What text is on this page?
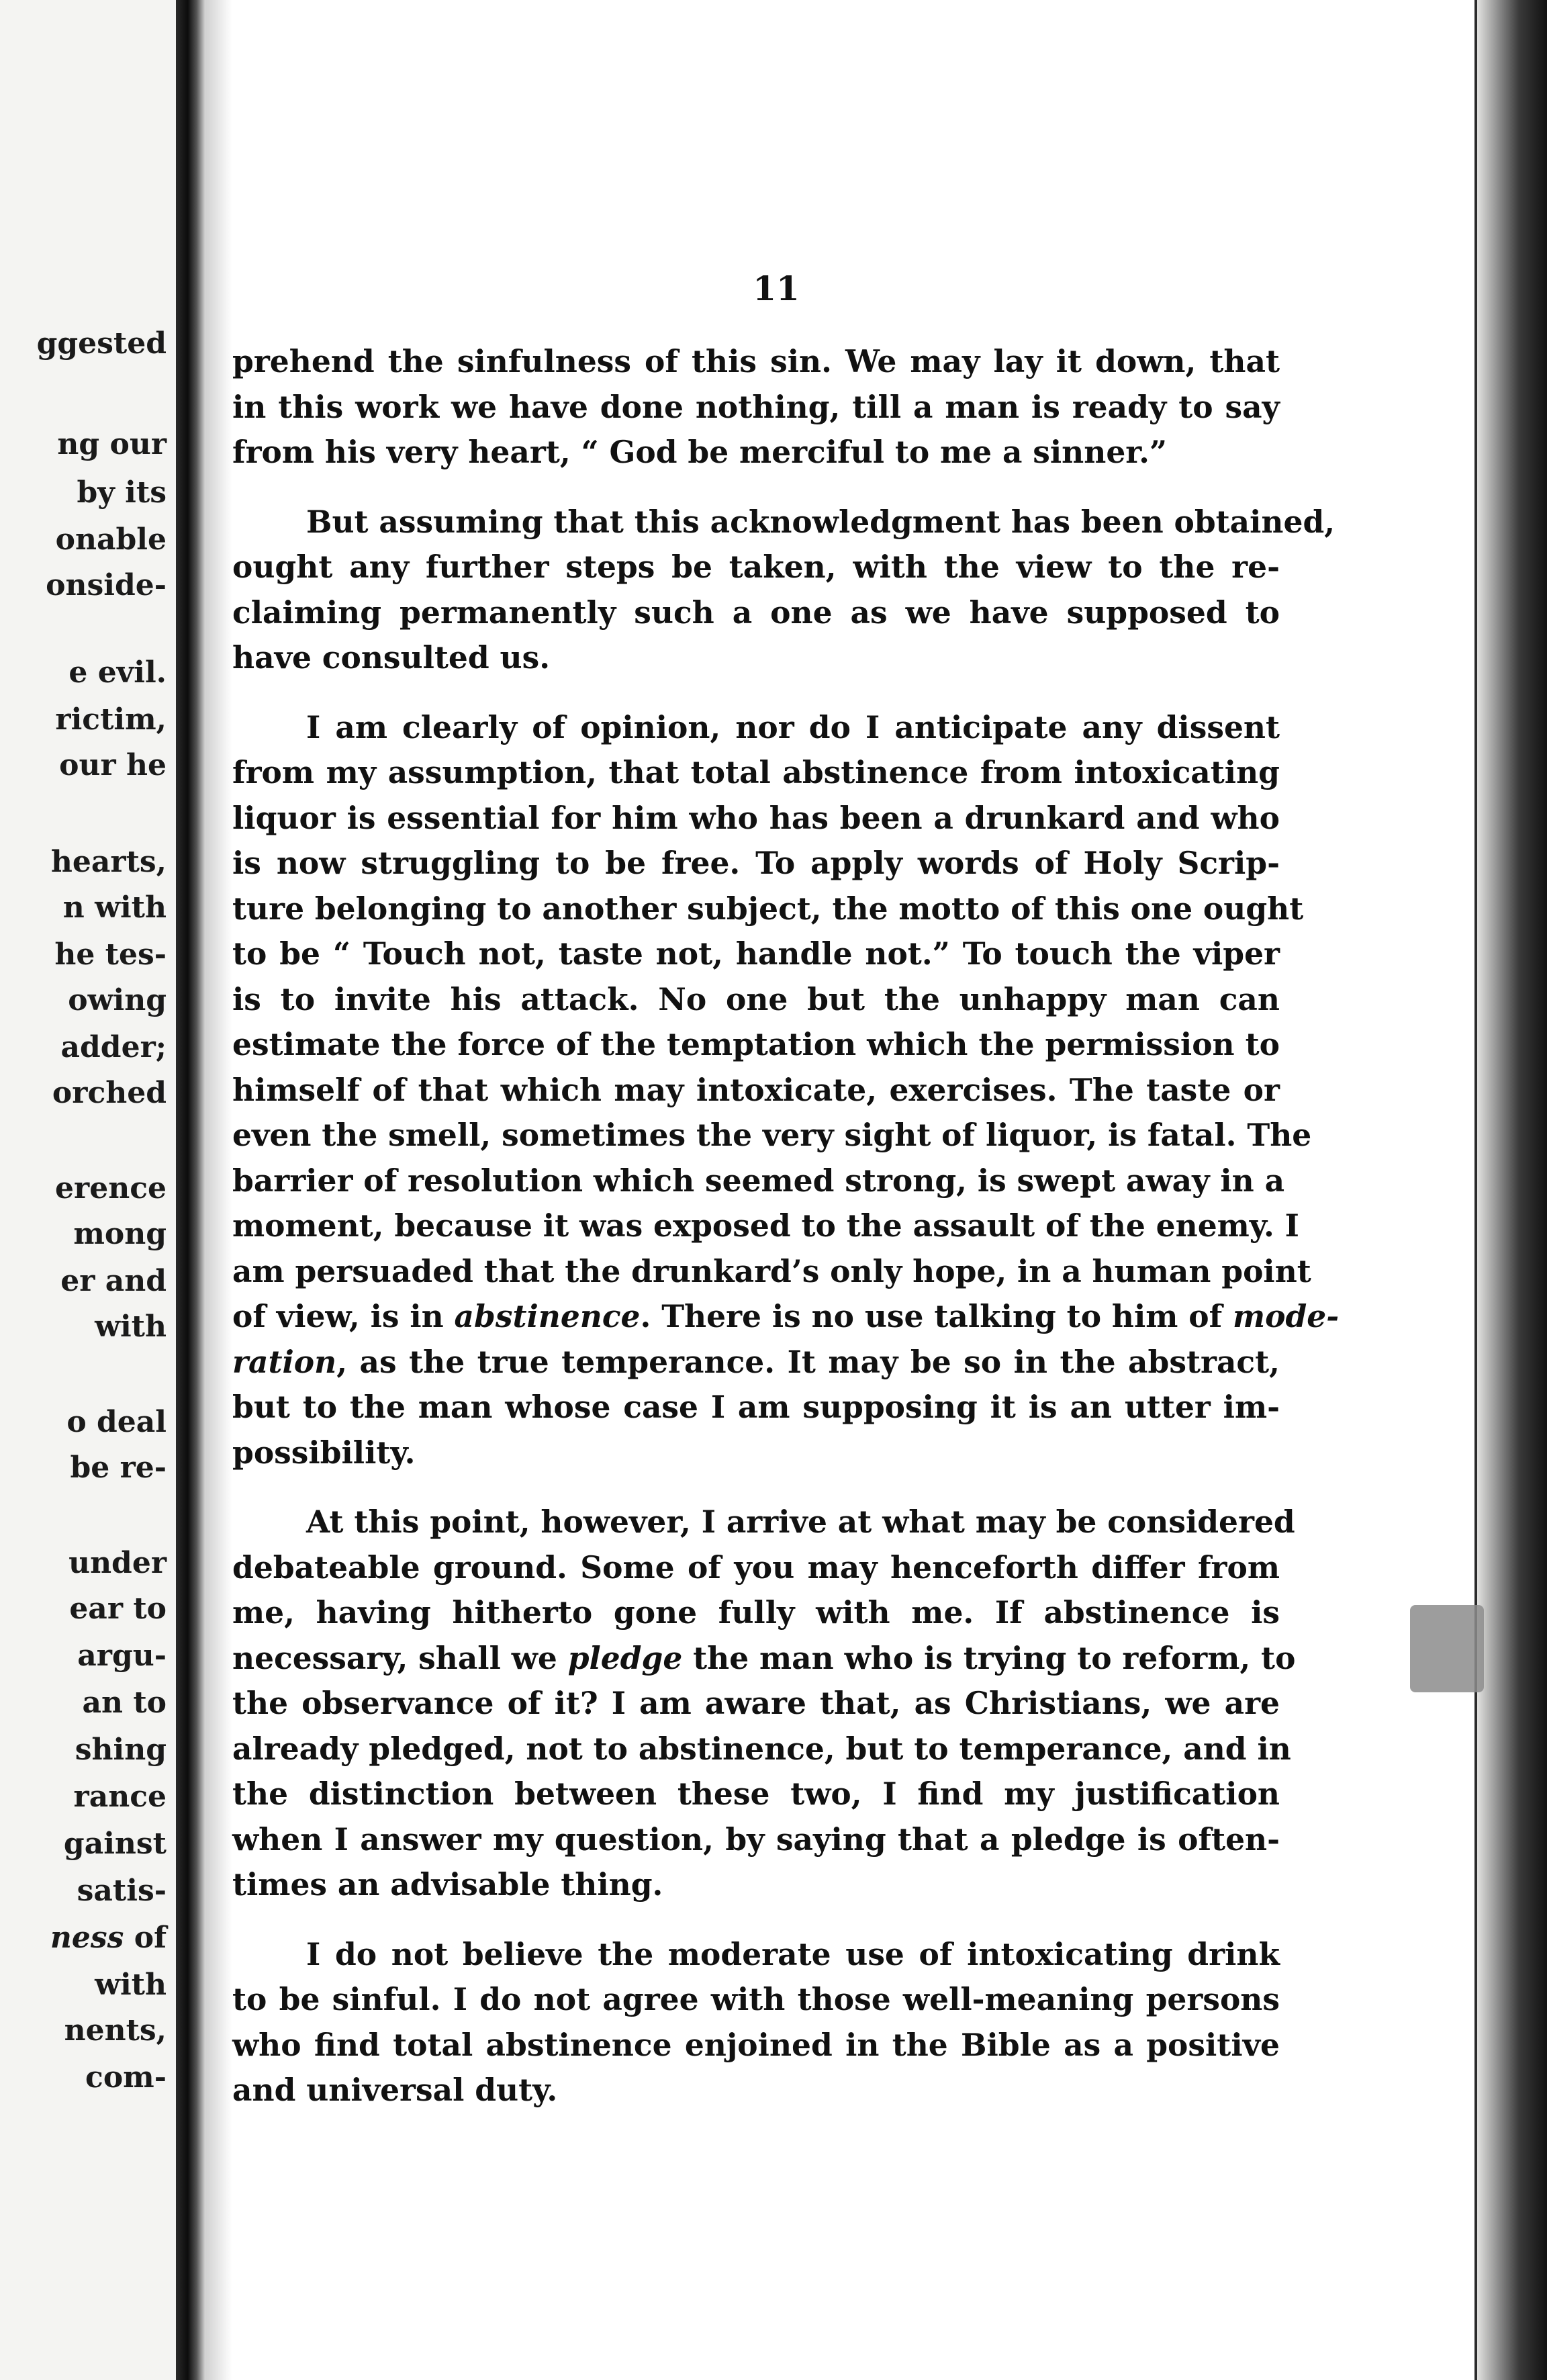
ggested
ng our
by its
onable
onside-
e evil.
rictim,
our he
hearts,
n with
he tes-
owing
adder;
orched
erence
mong
er and
with
o deal
be re-
under
ear to
argu-
an to
shing
rance
gainst
satis-
ness of
with
nents,
com-
11

prehend the sinfulness of this sin. We may lay it down, that
in this work we have done nothing, till a man is ready to say
from his very heart, “ God be merciful to me a sinner.”

But assuming that this acknowledgment has been obtained,
ought any further steps be taken, with the view to the re-
claiming permanently such a one as we have supposed to
have consulted us.

I am clearly of opinion, nor do I anticipate any dissent
from my assumption, that total abstinence from intoxicating
liquor is essential for him who has been a drunkard and who
is now struggling to be free. To apply words of Holy Scrip-
ture belonging to another subject, the motto of this one ought
to be “ Touch not, taste not, handle not.” To touch the viper
is to invite his attack. No one but the unhappy man can
estimate the force of the temptation which the permission to
himself of that which may intoxicate, exercises. The taste or
even the smell, sometimes the very sight of liquor, is fatal. The
barrier of resolution which seemed strong, is swept away in a
moment, because it was exposed to the assault of the enemy. I
am persuaded that the drunkard’s only hope, in a human point
of view, is in abstinence. There is no use talking to him of mode-
ration, as the true temperance. It may be so in the abstract,
but to the man whose case I am supposing it is an utter im-
possibility.

At this point, however, I arrive at what may be considered
debateable ground. Some of you may henceforth differ from
me, having hitherto gone fully with me. If abstinence is
necessary, shall we pledge the man who is trying to reform, to
the observance of it? I am aware that, as Christians, we are
already pledged, not to abstinence, but to temperance, and in
the distinction between these two, I find my justification
when I answer my question, by saying that a pledge is often-
times an advisable thing.

I do not believe the moderate use of intoxicating drink
to be sinful. I do not agree with those well-meaning persons
who find total abstinence enjoined in the Bible as a positive
and universal duty.
